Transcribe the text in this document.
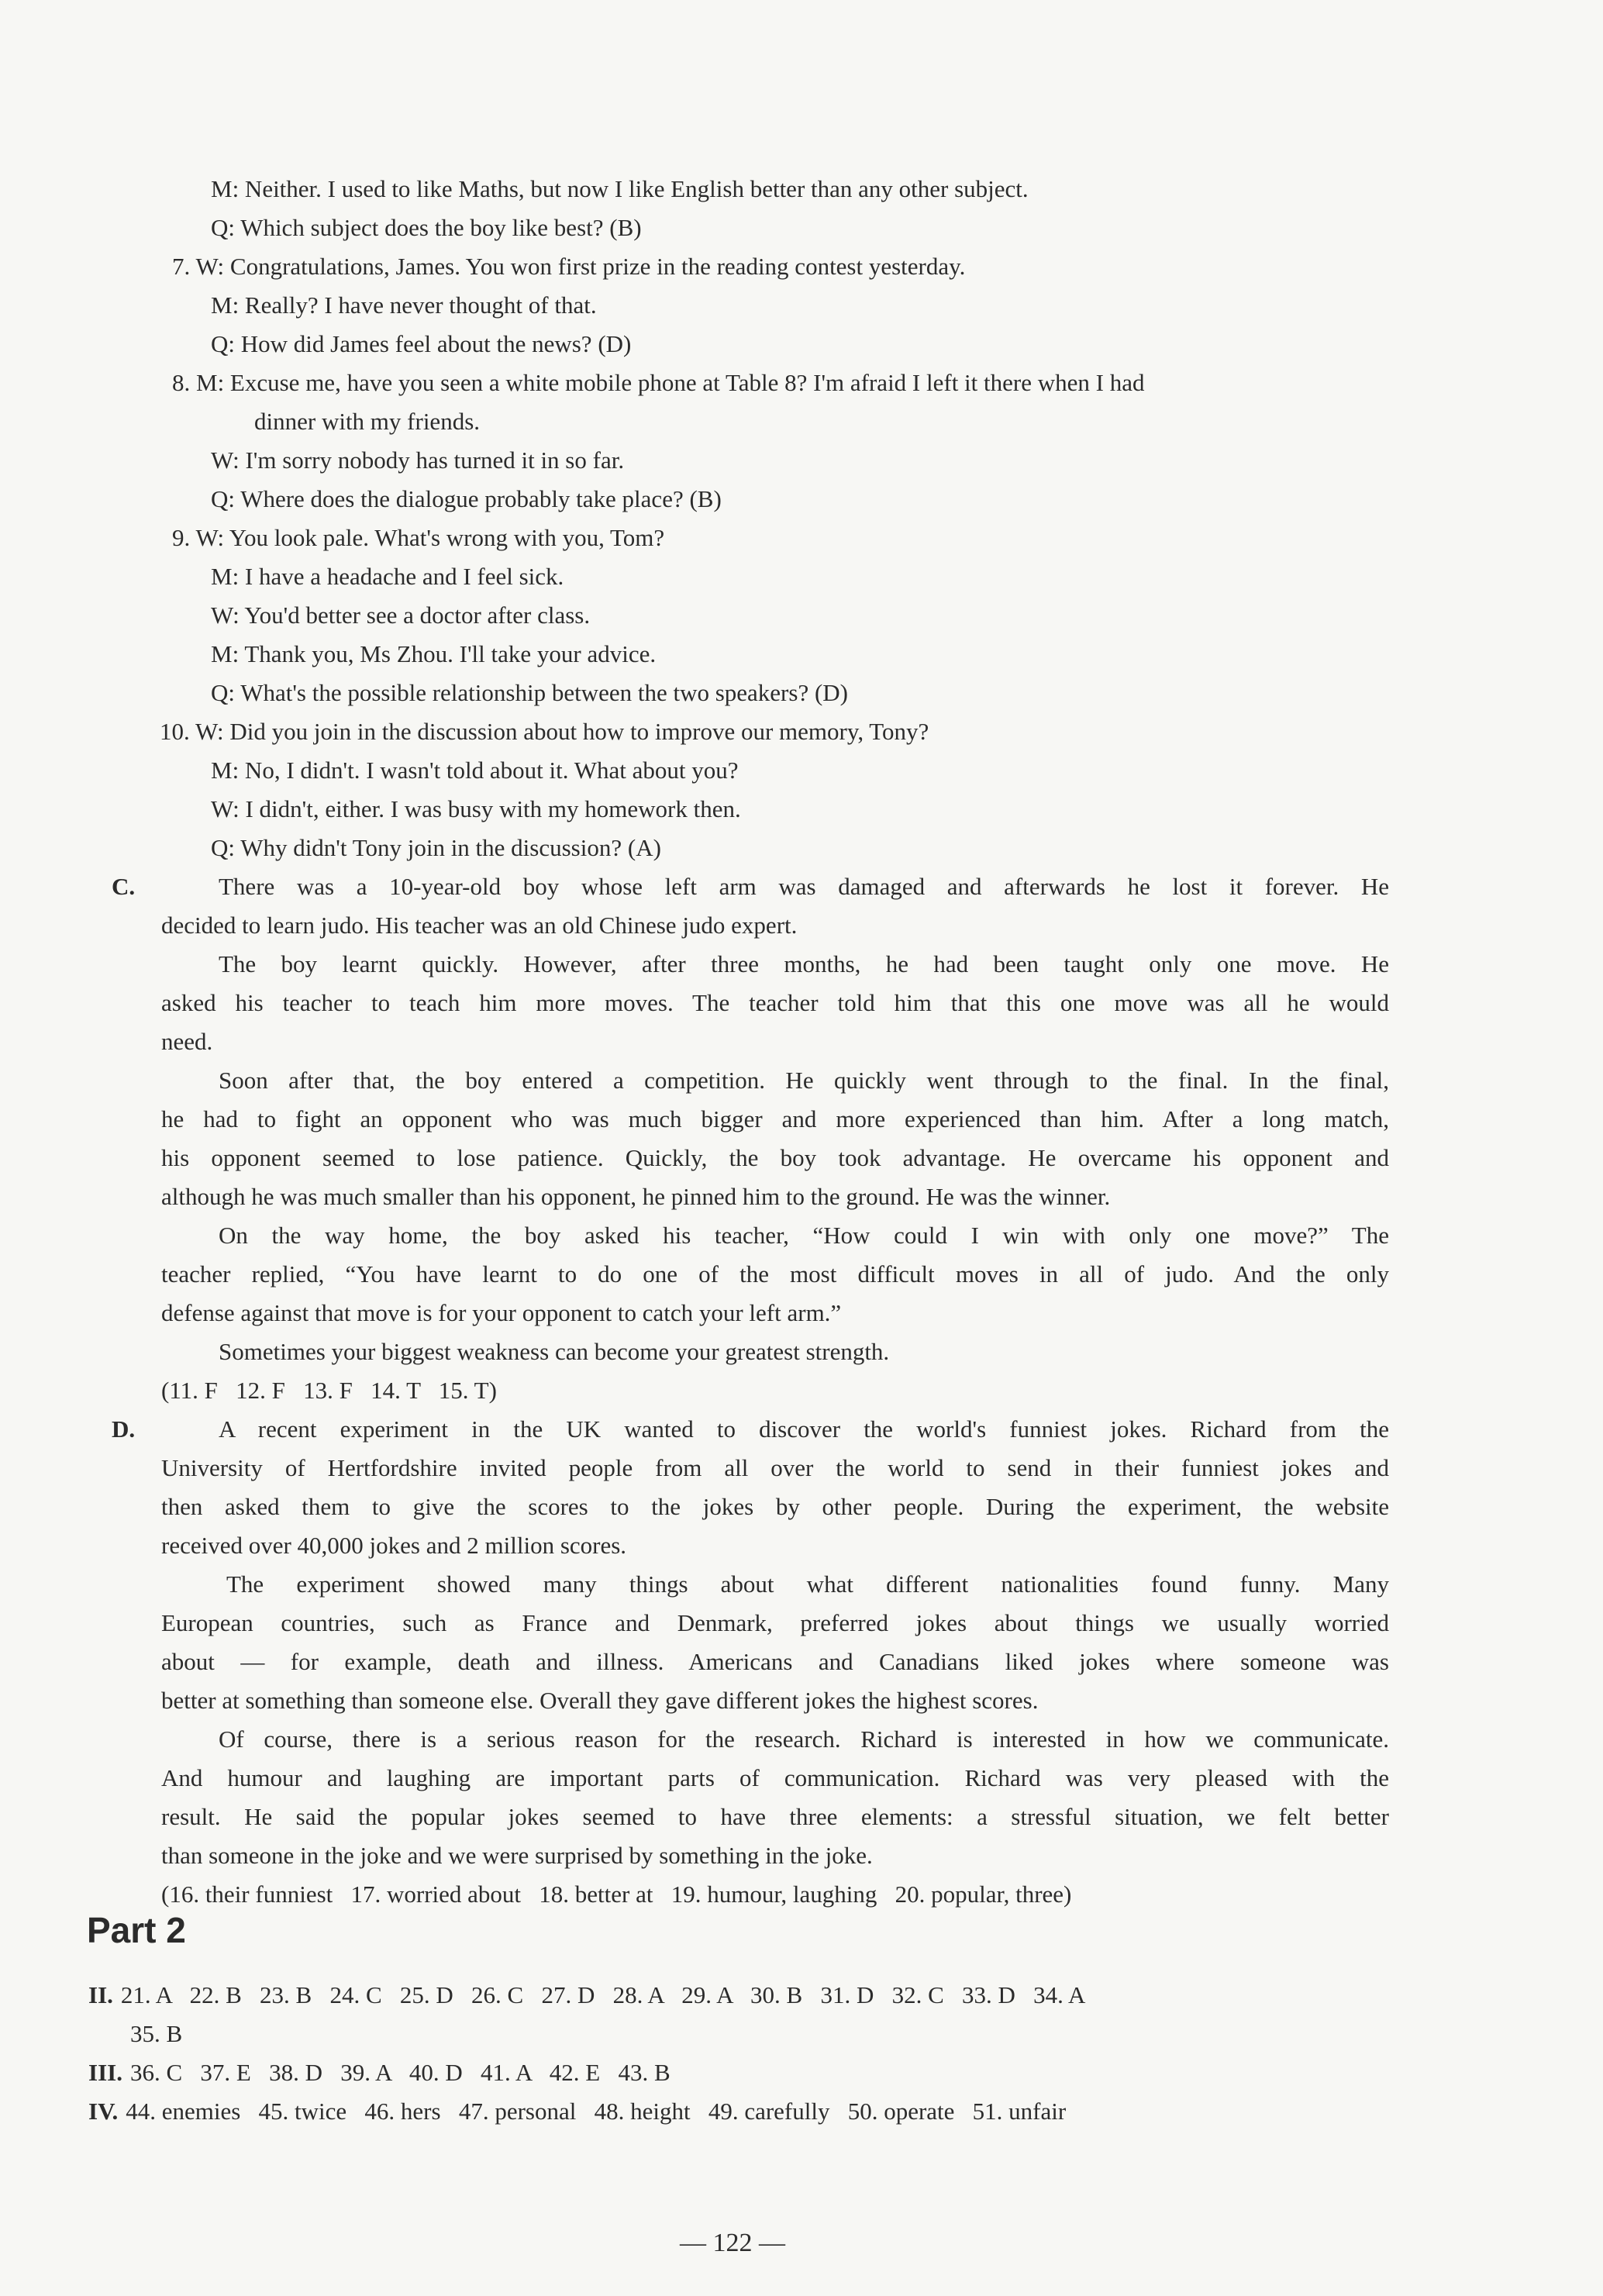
M: Neither. I used to like Maths, but now I like English better than any other subject.
Q: Which subject does the boy like best? (B)
7. W: Congratulations, James. You won first prize in the reading contest yesterday.
M: Really? I have never thought of that.
Q: How did James feel about the news? (D)
8. M: Excuse me, have you seen a white mobile phone at Table 8? I'm afraid I left it there when I had
dinner with my friends.
W: I'm sorry nobody has turned it in so far.
Q: Where does the dialogue probably take place? (B)
9. W: You look pale. What's wrong with you, Tom?
M: I have a headache and I feel sick.
W: You'd better see a doctor after class.
M: Thank you, Ms Zhou. I'll take your advice.
Q: What's the possible relationship between the two speakers? (D)
10. W: Did you join in the discussion about how to improve our memory, Tony?
M: No, I didn't. I wasn't told about it. What about you?
W: I didn't, either. I was busy with my homework then.
Q: Why didn't Tony join in the discussion? (A)
C.	There was a 10-year-old boy whose left arm was damaged and afterwards he lost it forever. He
decided to learn judo. His teacher was an old Chinese judo expert.
The boy learnt quickly. However, after three months, he had been taught only one move. He
asked his teacher to teach him more moves. The teacher told him that this one move was all he would
need.
Soon after that, the boy entered a competition. He quickly went through to the final. In the final,
he had to fight an opponent who was much bigger and more experienced than him. After a long match,
his opponent seemed to lose patience. Quickly, the boy took advantage. He overcame his opponent and
although he was much smaller than his opponent, he pinned him to the ground. He was the winner.
On the way home, the boy asked his teacher, “How could I win with only one move?” The
teacher replied, “You have learnt to do one of the most difficult moves in all of judo. And the only
defense against that move is for your opponent to catch your left arm.”
Sometimes your biggest weakness can become your greatest strength.
(11. F   12. F   13. F   14. T   15. T)
D.	A recent experiment in the UK wanted to discover the world's funniest jokes. Richard from the
University of Hertfordshire invited people from all over the world to send in their funniest jokes and
then asked them to give the scores to the jokes by other people. During the experiment, the website
received over 40,000 jokes and 2 million scores.
The experiment showed many things about what different nationalities found funny. Many
European countries, such as France and Denmark, preferred jokes about things we usually worried
about — for example, death and illness. Americans and Canadians liked jokes where someone was
better at something than someone else. Overall they gave different jokes the highest scores.
Of course, there is a serious reason for the research. Richard is interested in how we communicate.
And humour and laughing are important parts of communication. Richard was very pleased with the
result. He said the popular jokes seemed to have three elements: a stressful situation, we felt better
than someone in the joke and we were surprised by something in the joke.
(16. their funniest   17. worried about   18. better at   19. humour, laughing   20. popular, three)
Part 2
II. 21. A   22. B   23. B   24. C   25. D   26. C   27. D   28. A   29. A   30. B   31. D   32. C   33. D   34. A
35. B
III. 36. C   37. E   38. D   39. A   40. D   41. A   42. E   43. B
IV. 44. enemies   45. twice   46. hers   47. personal   48. height   49. carefully   50. operate   51. unfair
— 122 —
